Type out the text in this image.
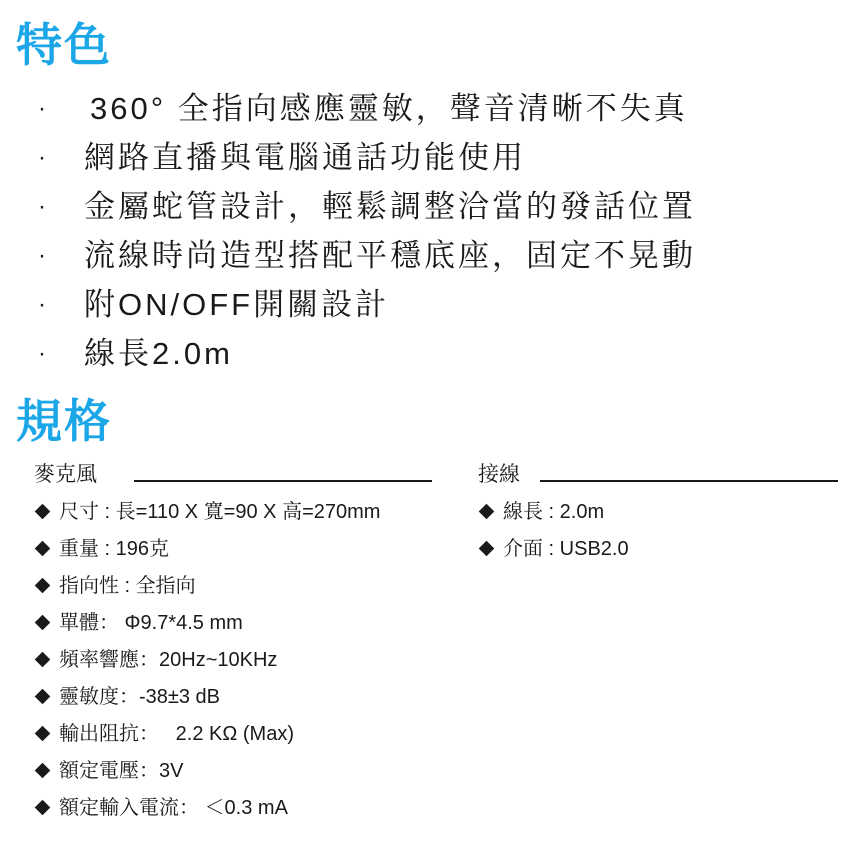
特色
· 360° 全指向感應靈敏，聲音清晰不失真
· 網路直播與電腦通話功能使用
· 金屬蛇管設計，輕鬆調整洽當的發話位置
· 流線時尚造型搭配平穩底座，固定不晃動
· 附ON/OFF開關設計
· 線長2.0m
規格
麥克風
尺寸 : 長=110 X 寬=90 X 高=270mm
重量 : 196克
指向性 : 全指向
單體： Φ9.7*4.5 mm
頻率響應：20Hz~10KHz
靈敏度：-38±3 dB
輸出阻抗：   2.2 KΩ (Max)
額定電壓：3V
額定輸入電流： ＜0.3 mA
接線
線長 : 2.0m
介面 : USB2.0
